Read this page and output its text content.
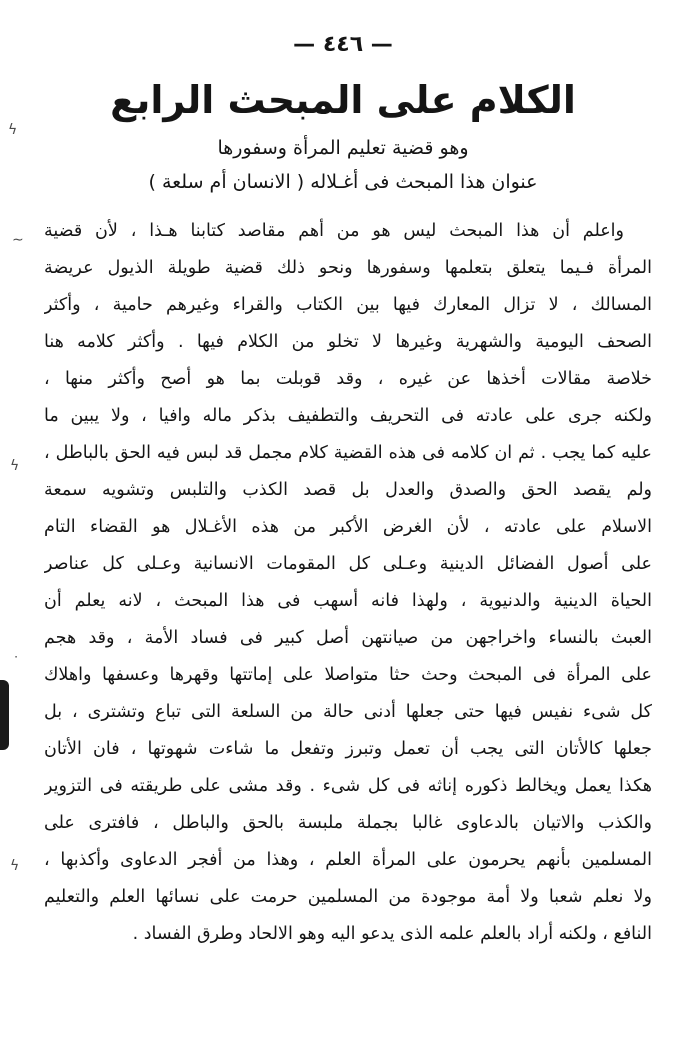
— ٤٤٦ —
الكلام على المبحث الرابع
وهو قضية تعليم المرأة وسفورها
عنوان هذا المبحث فى أغـلاله ( الانسان أم سلعة )
واعلم أن هذا المبحث ليس هو من أهم مقاصد كتابنا هـذا ، لأن قضية
المرأة فـيما يتعلق بتعلمها وسفورها ونحو ذلك قضية طويلة الذيول عريضة
المسالك ، لا تزال المعارك فيها بين الكتاب والقراء وغيرهم حامية ، وأكثر
الصحف اليومية والشهرية وغيرها لا تخلو من الكلام فيها . وأكثر كلامه هنا
خلاصة مقالات أخذها عن غيره ، وقد قوبلت بما هو أصح وأكثر منها ،
ولكنه جرى على عادته فى التحريف والتطفيف بذكر ماله وافيا ، ولا يبين ما
عليه كما يجب . ثم ان كلامه فى هذه القضية كلام مجمل قد لبس فيه الحق بالباطل ،
ولم يقصد الحق والصدق والعدل بل قصد الكذب والتلبس وتشويه سمعة
الاسلام على عادته ، لأن الغرض الأكبر من هذه الأغـلال هو القضاء التام
على أصول الفضائل الدينية وعـلى كل المقومات الانسانية وعـلى كل عناصر
الحياة الدينية والدنيوية ، ولهذا فانه أسهب فى هذا المبحث ، لانه يعلم أن
العبث بالنساء واخراجهن من صيانتهن أصل كبير فى فساد الأمة ، وقد هجم
على المرأة فى المبحث وحث حثا متواصلا على إماتتها وقهرها وعسفها واهلاك
كل شىء نفيس فيها حتى جعلها أدنى حالة من السلعة التى تباع وتشترى ، بل
جعلها كالأتان التى يجب أن تعمل وتبرز وتفعل ما شاءت شهوتها ، فان الأتان
هكذا يعمل ويخالط ذكوره إناثه فى كل شىء . وقد مشى على طريقته فى التزوير
والكذب والاتيان بالدعاوى غالبا بجملة ملبسة بالحق والباطل ، فافترى على
المسلمين بأنهم يحرمون على المرأة العلم ، وهذا من أفجر الدعاوى وأكذبها ،
ولا نعلم شعبا ولا أمة موجودة من المسلمين حرمت على نسائها العلم والتعليم
النافع ، ولكنه أراد بالعلم علمه الذى يدعو اليه وهو الالحاد وطرق الفساد .
ϟ
∽
ϟ
ᐧ
ϟ
